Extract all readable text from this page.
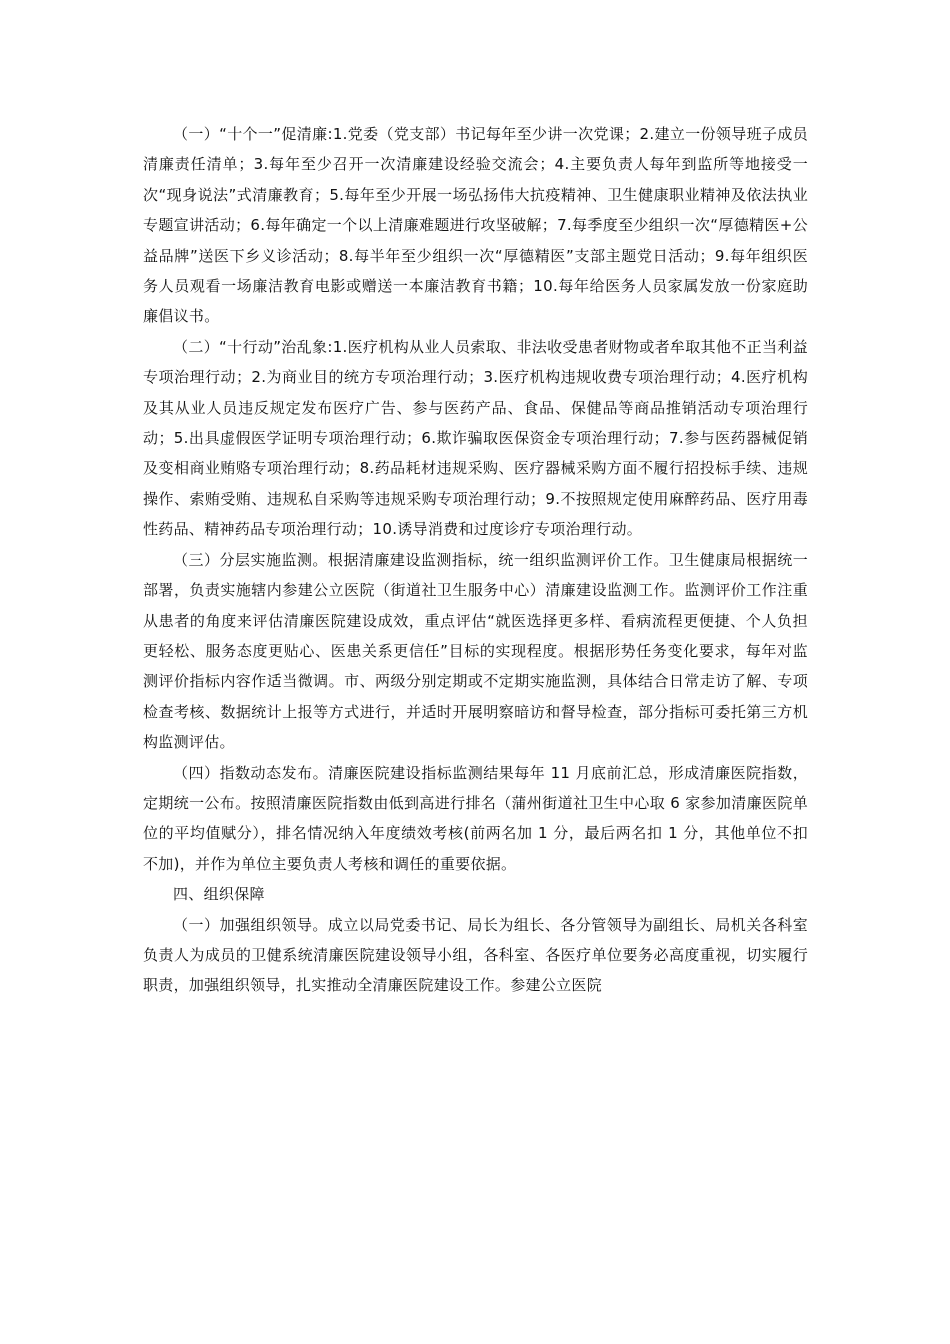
（一）“十个一”促清廉:1.党委（党支部）书记每年至少讲一次党课；2.建立一份领导班子成员清廉责任清单；3.每年至少召开一次清廉建设经验交流会；4.主要负责人每年到监所等地接受一次“现身说法”式清廉教育；5.每年至少开展一场弘扬伟大抗疫精神、卫生健康职业精神及依法执业专题宣讲活动；6.每年确定一个以上清廉难题进行攻坚破解；7.每季度至少组织一次“厚德精医+公益品牌”送医下乡义诊活动；8.每半年至少组织一次“厚德精医”支部主题党日活动；9.每年组织医务人员观看一场廉洁教育电影或赠送一本廉洁教育书籍；10.每年给医务人员家属发放一份家庭助廉倡议书。

（二）“十行动”治乱象:1.医疗机构从业人员索取、非法收受患者财物或者牟取其他不正当利益专项治理行动；2.为商业目的统方专项治理行动；3.医疗机构违规收费专项治理行动；4.医疗机构及其从业人员违反规定发布医疗广告、参与医药产品、食品、保健品等商品推销活动专项治理行动；5.出具虚假医学证明专项治理行动；6.欺诈骗取医保资金专项治理行动；7.参与医药器械促销及变相商业贿赂专项治理行动；8.药品耗材违规采购、医疗器械采购方面不履行招投标手续、违规操作、索贿受贿、违规私自采购等违规采购专项治理行动；9.不按照规定使用麻醉药品、医疗用毒性药品、精神药品专项治理行动；10.诱导消费和过度诊疗专项治理行动。

（三）分层实施监测。根据清廉建设监测指标，统一组织监测评价工作。卫生健康局根据统一部署，负责实施辖内参建公立医院（街道社卫生服务中心）清廉建设监测工作。监测评价工作注重从患者的角度来评估清廉医院建设成效，重点评估“就医选择更多样、看病流程更便捷、个人负担更轻松、服务态度更贴心、医患关系更信任”目标的实现程度。根据形势任务变化要求，每年对监测评价指标内容作适当微调。市、两级分别定期或不定期实施监测，具体结合日常走访了解、专项检查考核、数据统计上报等方式进行，并适时开展明察暗访和督导检查，部分指标可委托第三方机构监测评估。

（四）指数动态发布。清廉医院建设指标监测结果每年 11 月底前汇总，形成清廉医院指数，定期统一公布。按照清廉医院指数由低到高进行排名（蒲州街道社卫生中心取 6 家参加清廉医院单位的平均值赋分），排名情况纳入年度绩效考核(前两名加 1 分，最后两名扣 1 分，其他单位不扣不加)，并作为单位主要负责人考核和调任的重要依据。

四、组织保障

（一）加强组织领导。成立以局党委书记、局长为组长、各分管领导为副组长、局机关各科室负责人为成员的卫健系统清廉医院建设领导小组，各科室、各医疗单位要务必高度重视，切实履行职责，加强组织领导，扎实推动全清廉医院建设工作。参建公立医院
